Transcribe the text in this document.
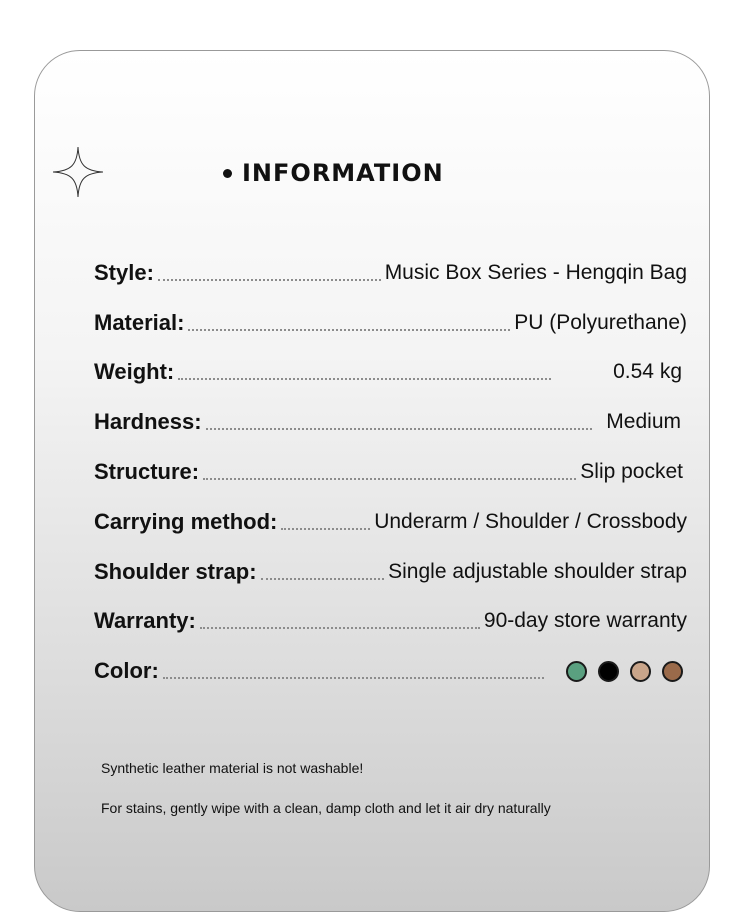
INFORMATION
Style:	Music Box Series - Hengqin Bag
Material:	PU (Polyurethane)
Weight:	0.54 kg
Hardness:	Medium
Structure:	Slip pocket
Carrying method:	Underarm / Shoulder / Crossbody
Shoulder strap:	Single adjustable shoulder strap
Warranty:	90-day store warranty
Color:
Synthetic leather material is not washable!
For stains, gently wipe with a clean, damp cloth and let it air dry naturally
